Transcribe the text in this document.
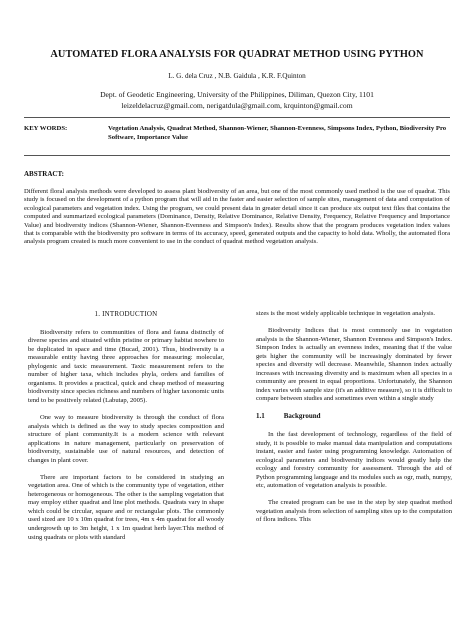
AUTOMATED FLORA ANALYSIS FOR QUADRAT METHOD USING PYTHON
L. G. dela Cruz , N.B. Gaidula , K.R. F.Quinton
Dept. of Geodetic Engineering, University of the Philippines, Diliman, Quezon City, 1101
leizeldelacruz@gmail.com, nerigatdula@gmail.com, krquinton@gmail.com
KEY WORDS:	Vegetation Analysis, Quadrat Method, Shannon-Wiener, Shannon-Evenness, Simpsons Index, Python, Biodiversity Pro Software, Importance Value
ABSTRACT:
Different floral analysis methods were developed to assess plant biodiversity of an area, but one of the most commonly used method is the use of quadrat. This study is focused on the development of a python program that will aid in the faster and easier selection of sample sites, management of data and computation of ecological parameters and vegetation index. Using the program, we could present data in greater detail since it can produce six output text files that contains the computed and summarized ecological parameters (Dominance, Density, Relative Dominance, Relative Density, Frequency, Relative Frequency and Importance Value) and biodiversity indices (Shannon-Wiener, Shannon-Evenness and Simpson's Index). Results show that the program produces vegetation index values that is comparable with the biodiversity pro software in terms of its accuracy, speed, generated outputs and the capacity to hold data. Wholly, the automated flora analysis program created is much more convenient to use in the conduct of quadrat method vegetation analysis.
1. INTRODUCTION

Biodiversity refers to communities of flora and fauna distinctly of diverse species and situated within pristine or primary habitat nowhere to be duplicated in space and time (Bucad, 2001). Thus, biodiversity is a measurable entity having three approaches for measuring: molecular, phylogenic and taxic measurement. Taxic measurement refers to the number of higher taxa, which includes phyla, orders and families of organisms. It provides a practical, quick and cheap method of measuring biodiversity since species richness and numbers of higher taxonomic units tend to be positively related (Labutap, 2005).

One way to measure biodiversity is through the conduct of flora analysis which is defined as the way to study species composition and structure of plant community.It is a modern science with relevant applications in nature management, particularly on preservation of biodiversity, sustainable use of natural resources, and detection of changes in plant cover.

There are important factors to be considered in studying an vegetation area. One of which is the community type of vegetation, either heterogeneous or homogeneous. The other is the sampling vegetation that may employ either quadrat and line plot methods. Quadrats vary in shape which could be circular, square and or rectangular plots. The commonly used sized are 10 x 10m quadrat for trees, 4m x 4m quadrat for all woody undergrowth up to 3m height, 1 x 1m quadrat herb layer.This method of using quadrats or plots with standard

sizes is the most widely applicable technique in vegetation analysis.

Biodiversity Indices that is most commonly use in vegetation analysis is the Shannon-Wiener, Shannon Evenness and Simpson's Index. Simpson Index is actually an evenness index, meaning that if the value gets higher the community will be increasingly dominated by fewer species and diversity will decrease. Meanwhile, Shannon index actually increases with increasing diversity and is maximum when all species in a community are present in equal proportions. Unfortunately, the Shannon index varies with sample size (it's an additive measure), so it is difficult to compare between studies and sometimes even within a single study

1.1	Background

In the fast development of technology, regardless of the field of study, it is possible to make manual data manipulation and computations instant, easier and faster using programming knowledge. Automation of ecological parameters and biodiversity indices would greatly help the ecology and forestry community for assessment. Through the aid of Python programming language and its modules such as ogr, math, numpy, etc, automation of vegetation analysis is possible.

The created program can be use in the step by step quadrat method vegetation analysis from selection of sampling sites up to the computation of flora indices. This
